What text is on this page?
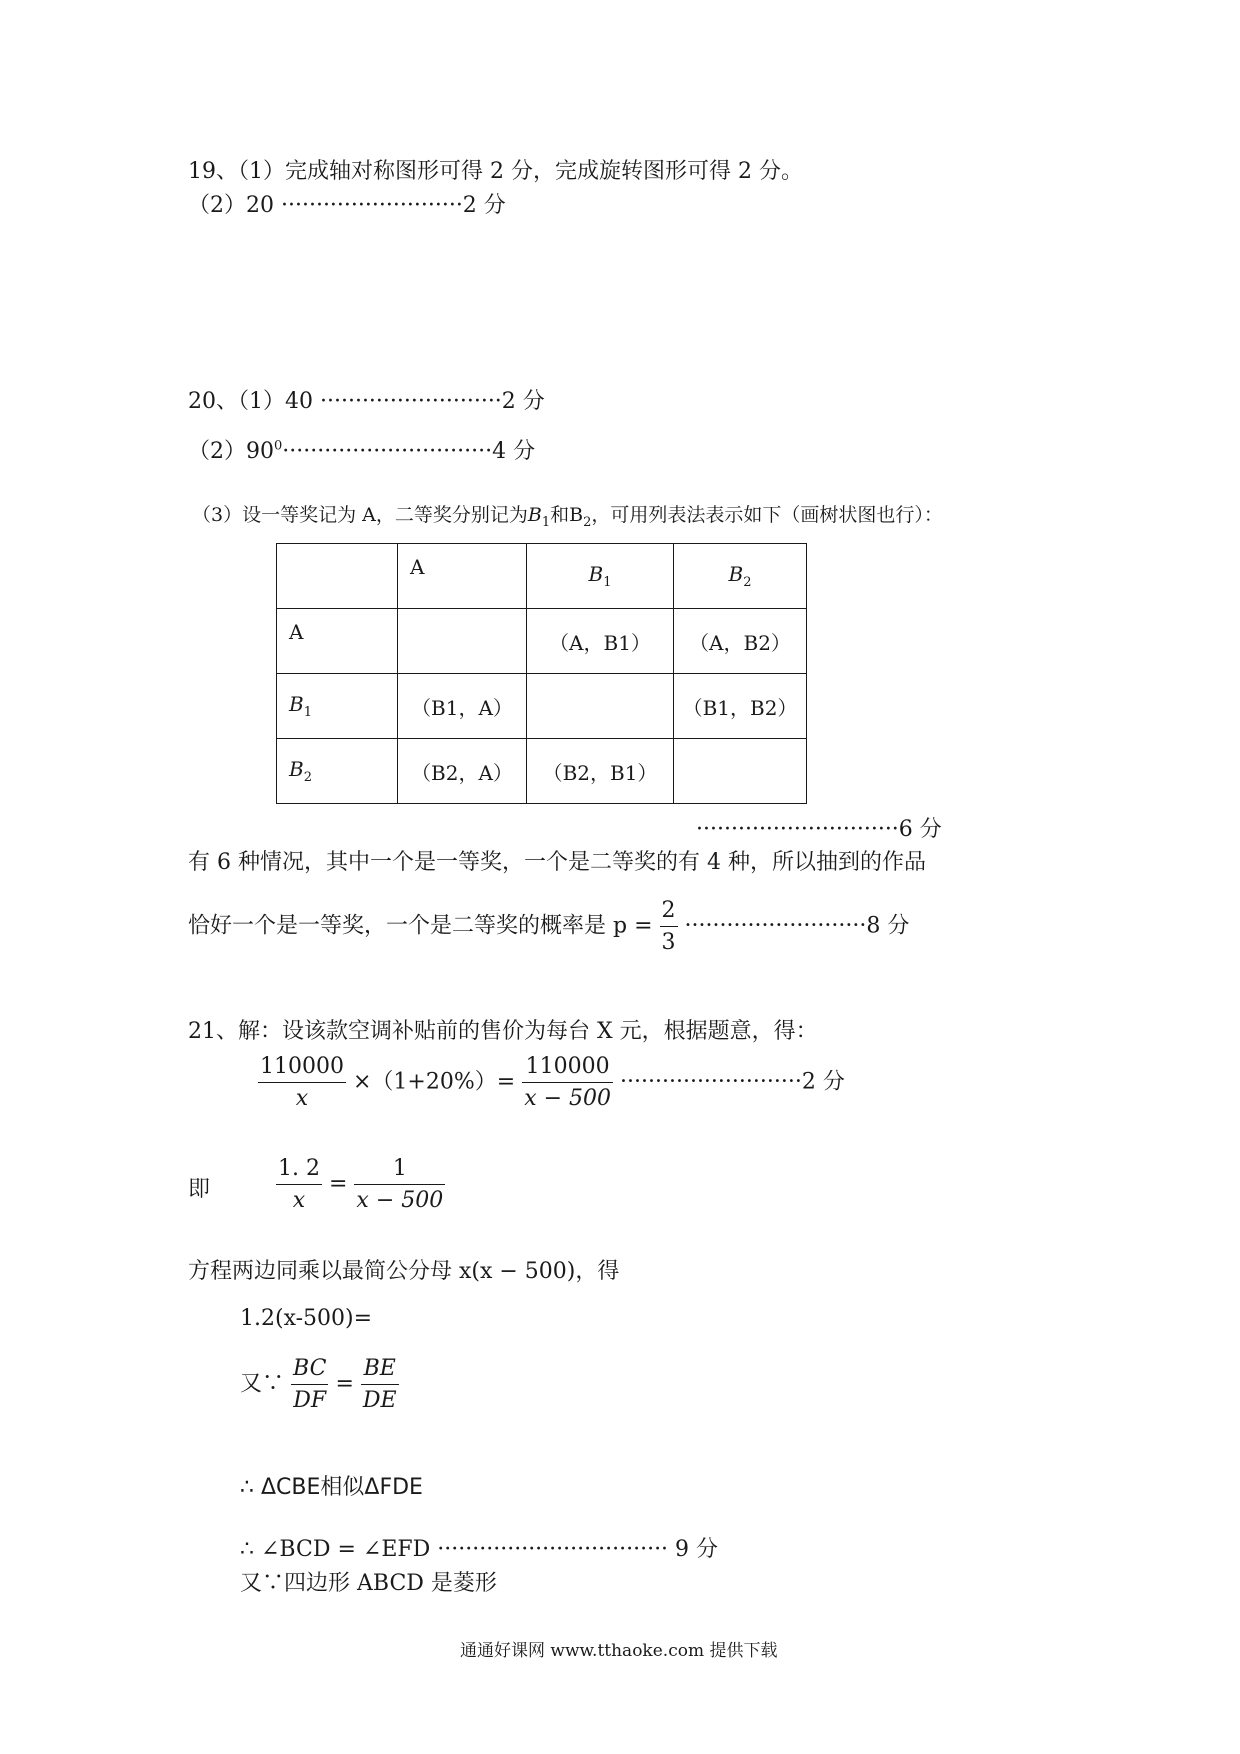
19、（1）完成轴对称图形可得 2 分，完成旋转图形可得 2 分。
（2）20 ··························2 分
20、（1）40 ··························2 分
$(2)90^0\cdot\cdot\cdot\cdot\cdot\cdot\cdot\cdot\cdot\cdot\cdot\cdot\cdot\cdot\cdot\cdot\cdot\cdot\cdot\cdot\cdot\cdot\cdot\cdot\cdot\cdot\cdot\cdot\cdot\cdot 4$ 分
（3）设一等奖记为 A，二等奖分别记为$B_1$和$B_2$，可用列表法表示如下（画树状图也行）：

	A	$B_1$	$B_2$

A		（A，B1）	（A，B2）

$B_1$	（B1，A）		（B1，B2）

$B_2$	（B2，A）	（B2，B1）	

·····························6 分
有 6 种情况，其中一个是一等奖，一个是二等奖的有 4 种，所以抽到的作品
恰好一个是一等奖，一个是二等奖的概率是 $p = \frac{2}{3} \cdot\cdot\cdot\cdot\cdot\cdot\cdot\cdot\cdot\cdot\cdot\cdot\cdot\cdot\cdot\cdot\cdot\cdot\cdot\cdot\cdot\cdot\cdot\cdot\cdot\cdot 8$ 分
21、解：设该款空调补贴前的售价为每台 X 元，根据题意，得：
$\frac{110000}{x} \times(1+20\%)= \frac{110000}{x - 500} \cdot\cdot\cdot\cdot\cdot\cdot\cdot\cdot\cdot\cdot\cdot\cdot\cdot\cdot\cdot\cdot\cdot\cdot\cdot\cdot\cdot\cdot\cdot\cdot\cdot\cdot 2$ 分
即	$\frac{1. 2}{x} = \frac{1}{x - 500}$
方程两边同乘以最简公分母 x(x − 500)，得
1.2(x-500)=
又∵ $\frac{BC}{DF} = \frac{BE}{DE}$
∴ ΔCBE相似ΔFDE
∴ ∠BCD = ∠EFD ································· 9 分
又∵四边形 ABCD 是菱形
通通好课网 www.tthaoke.com 提供下载
